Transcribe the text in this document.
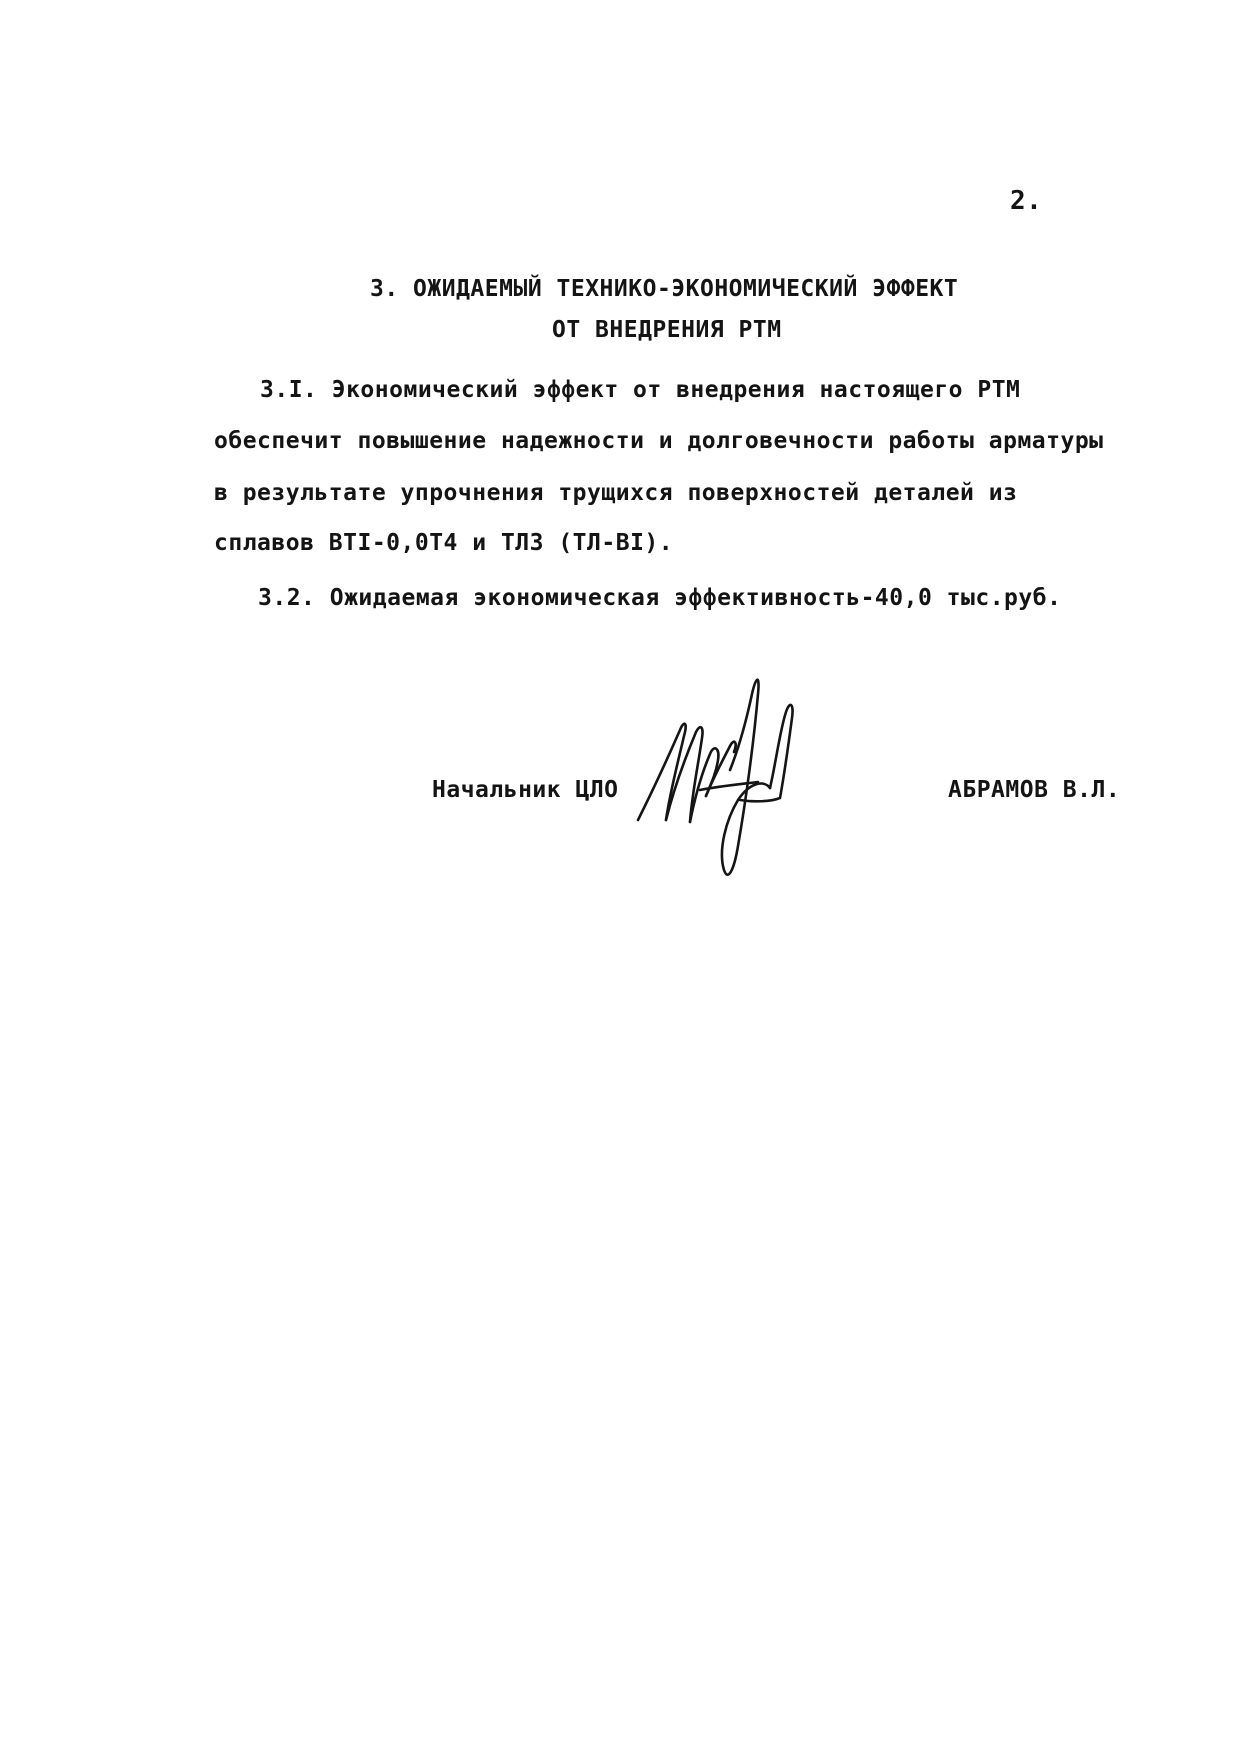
2.
3. ОЖИДАЕМЫЙ ТЕХНИКО-ЭКОНОМИЧЕСКИЙ ЭФФЕКТ
ОТ ВНЕДРЕНИЯ РТМ
3.I. Экономический эффект от внедрения настоящего РТМ
обеспечит повышение надежности и долговечности работы арматуры
в результате упрочнения трущихся поверхностей деталей из
сплавов ВТI-0,0Т4 и ТЛ3 (ТЛ-ВI).
3.2. Ожидаемая экономическая эффективность-40,0 тыс.руб.
Начальник ЦЛО	АБРАМОВ В.Л.
